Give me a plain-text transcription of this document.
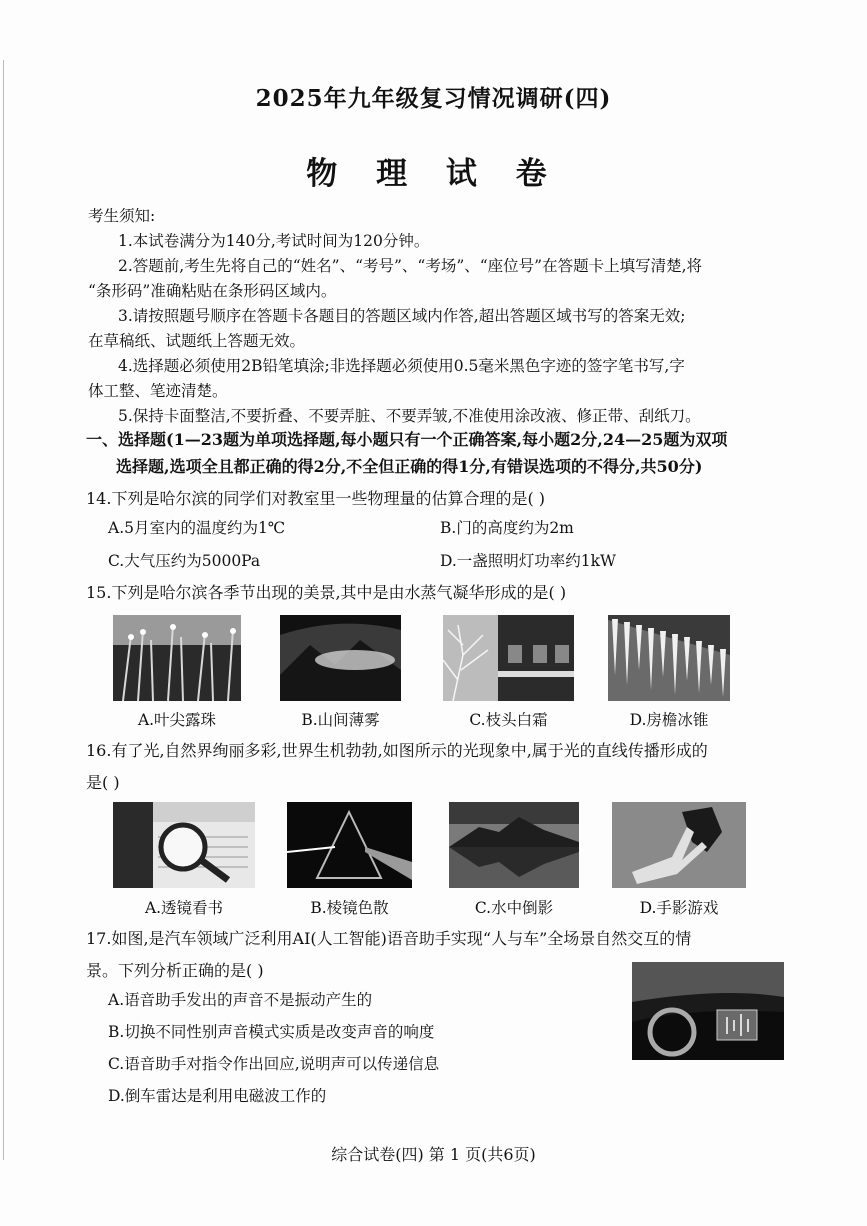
2025年九年级复习情况调研(四)
物 理 试 卷

考生须知:

1.本试卷满分为140分,考试时间为120分钟。

2.答题前,考生先将自己的“姓名”、“考号”、“考场”、“座位号”在答题卡上填写清楚,将

“条形码”准确粘贴在条形码区域内。

3.请按照题号顺序在答题卡各题目的答题区域内作答,超出答题区域书写的答案无效;

在草稿纸、试题纸上答题无效。

4.选择题必须使用2B铅笔填涂;非选择题必须使用0.5毫米黑色字迹的签字笔书写,字

体工整、笔迹清楚。

5.保持卡面整洁,不要折叠、不要弄脏、不要弄皱,不准使用涂改液、修正带、刮纸刀。

一、选择题(1—23题为单项选择题,每小题只有一个正确答案,每小题2分,24—25题为双项
选择题,选项全且都正确的得2分,不全但正确的得1分,有错误选项的不得分,共50分)
14.下列是哈尔滨的同学们对教室里一些物理量的估算合理的是( )
A.5月室内的温度约为1℃	B.门的高度约为2m
C.大气压约为5000Pa	D.一盏照明灯功率约1kW
15.下列是哈尔滨各季节出现的美景,其中是由水蒸气凝华形成的是( )
A.叶尖露珠	B.山间薄雾	C.枝头白霜	D.房檐冰锥
16.有了光,自然界绚丽多彩,世界生机勃勃,如图所示的光现象中,属于光的直线传播形成的
是( )
A.透镜看书	B.棱镜色散	C.水中倒影	D.手影游戏
17.如图,是汽车领域广泛利用AI(人工智能)语音助手实现“人与车”全场景自然交互的情
景。下列分析正确的是( )
A.语音助手发出的声音不是振动产生的
B.切换不同性别声音模式实质是改变声音的响度
C.语音助手对指令作出回应,说明声可以传递信息
D.倒车雷达是利用电磁波工作的
综合试卷(四) 第 1 页(共6页)
